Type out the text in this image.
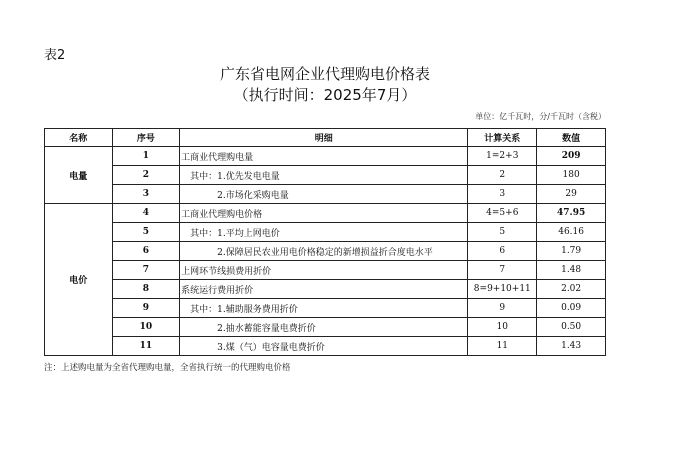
表2
广东省电网企业代理购电价格表
（执行时间：2025年7月）
单位：亿千瓦时，分/千瓦时（含税）
名称	序号	明细	计算关系	数值
电量	1	工商业代理购电量	1=2+3	209
	2	　其中：1.优先发电电量	2	180
	3	　　　　2.市场化采购电量	3	29
电价	4	工商业代理购电价格	4=5+6	47.95
	5	　其中：1.平均上网电价	5	46.16
	6	　　　　2.保障居民农业用电价格稳定的新增损益折合度电水平	6	1.79
	7	上网环节线损费用折价	7	1.48
	8	系统运行费用折价	8=9+10+11	2.02
	9	　其中：1.辅助服务费用折价	9	0.09
	10	　　　　2.抽水蓄能容量电费折价	10	0.50
	11	　　　　3.煤（气）电容量电费折价	11	1.43
注：上述购电量为全省代理购电量，全省执行统一的代理购电价格
